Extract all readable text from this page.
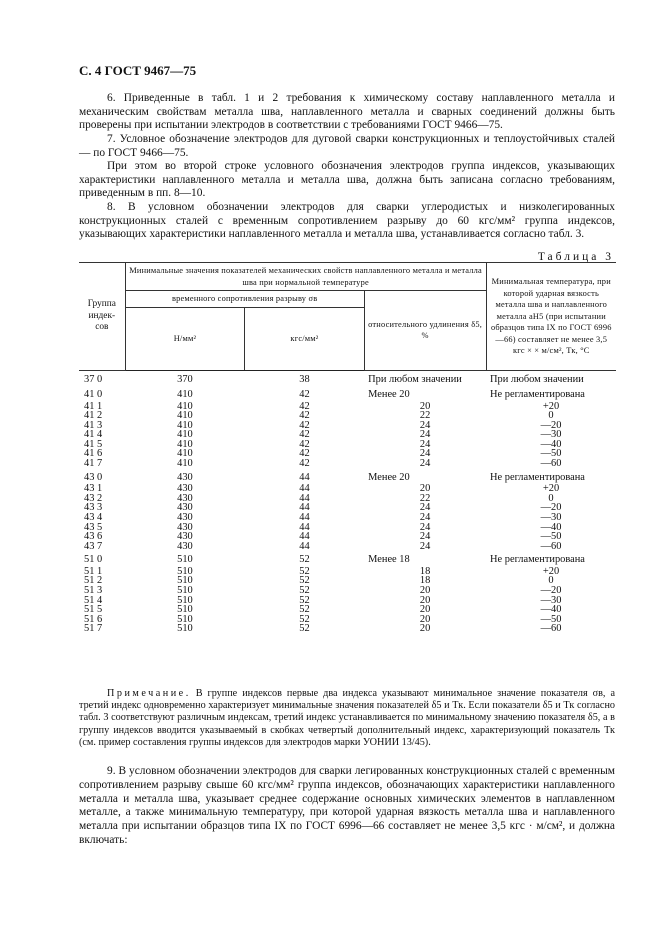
С. 4 ГОСТ 9467—75

6. Приведенные в табл. 1 и 2 требования к химическому составу наплавленного металла и механическим свойствам металла шва, наплавленного металла и сварных соединений должны быть проверены при испытании электродов в соответствии с требованиями ГОСТ 9466—75.

7. Условное обозначение электродов для дуговой сварки конструкционных и теплоустойчивых сталей — по ГОСТ 9466—75.

При этом во второй строке условного обозначения электродов группа индексов, указывающих характеристики наплавленного металла и металла шва, должна быть записана согласно требованиям, приведенным в пп. 8—10.

8. В условном обозначении электродов для сварки углеродистых и низколегированных конструкционных сталей с временным сопротивлением разрыву до 60 кгс/мм² группа индексов, указывающих характеристики наплавленного металла и металла шва, устанавливается согласно табл. 3.

Таблица 3
Группа индек-сов	Минимальные значения показателей механических свойств наплавленного металла и металла шва при нормальной температуре			Минимальная температура, при которой ударная вязкость металла шва и наплавленного металла aН5 (при испытании образцов типа IX по ГОСТ 6996—66) составляет не менее 3,5 кгс × × м/см², Тк, °С
	временного сопротивления разрыву σв		относительного удлинения δ5, %	
	Н/мм²	кгс/мм²		
37 0	370	38	При любом значении	При любом значении
41 0	410	42	Менее 20	Не регламентирована
41 1	410	42	20	+20
41 2	410	42	22	0
41 3	410	42	24	—20
41 4	410	42	24	—30
41 5	410	42	24	—40
41 6	410	42	24	—50
41 7	410	42	24	—60
43 0	430	44	Менее 20	Не регламентирована
43 1	430	44	20	+20
43 2	430	44	22	0
43 3	430	44	24	—20
43 4	430	44	24	—30
43 5	430	44	24	—40
43 6	430	44	24	—50
43 7	430	44	24	—60
51 0	510	52	Менее 18	Не регламентирована
51 1	510	52	18	+20
51 2	510	52	18	0
51 3	510	52	20	—20
51 4	510	52	20	—30
51 5	510	52	20	—40
51 6	510	52	20	—50
51 7	510	52	20	—60

Примечание. В группе индексов первые два индекса указывают минимальное значение показателя σв, а третий индекс одновременно характеризует минимальные значения показателей δ5 и Тк. Если показатели δ5 и Тк согласно табл. 3 соответствуют различным индексам, третий индекс устанавливается по минимальному значению показателя δ5, а в группу индексов вводится указываемый в скобках четвертый дополнительный индекс, характеризующий показатель Тк (см. пример составления группы индексов для электродов марки УОНИИ 13/45).

9. В условном обозначении электродов для сварки легированных конструкционных сталей с временным сопротивлением разрыву свыше 60 кгс/мм² группа индексов, обозначающих характеристики наплавленного металла и металла шва, указывает среднее содержание основных химических элементов в наплавленном металле, а также минимальную температуру, при которой ударная вязкость металла шва и наплавленного металла при испытании образцов типа IX по ГОСТ 6996—66 составляет не менее 3,5 кгс · м/см², и должна включать:
